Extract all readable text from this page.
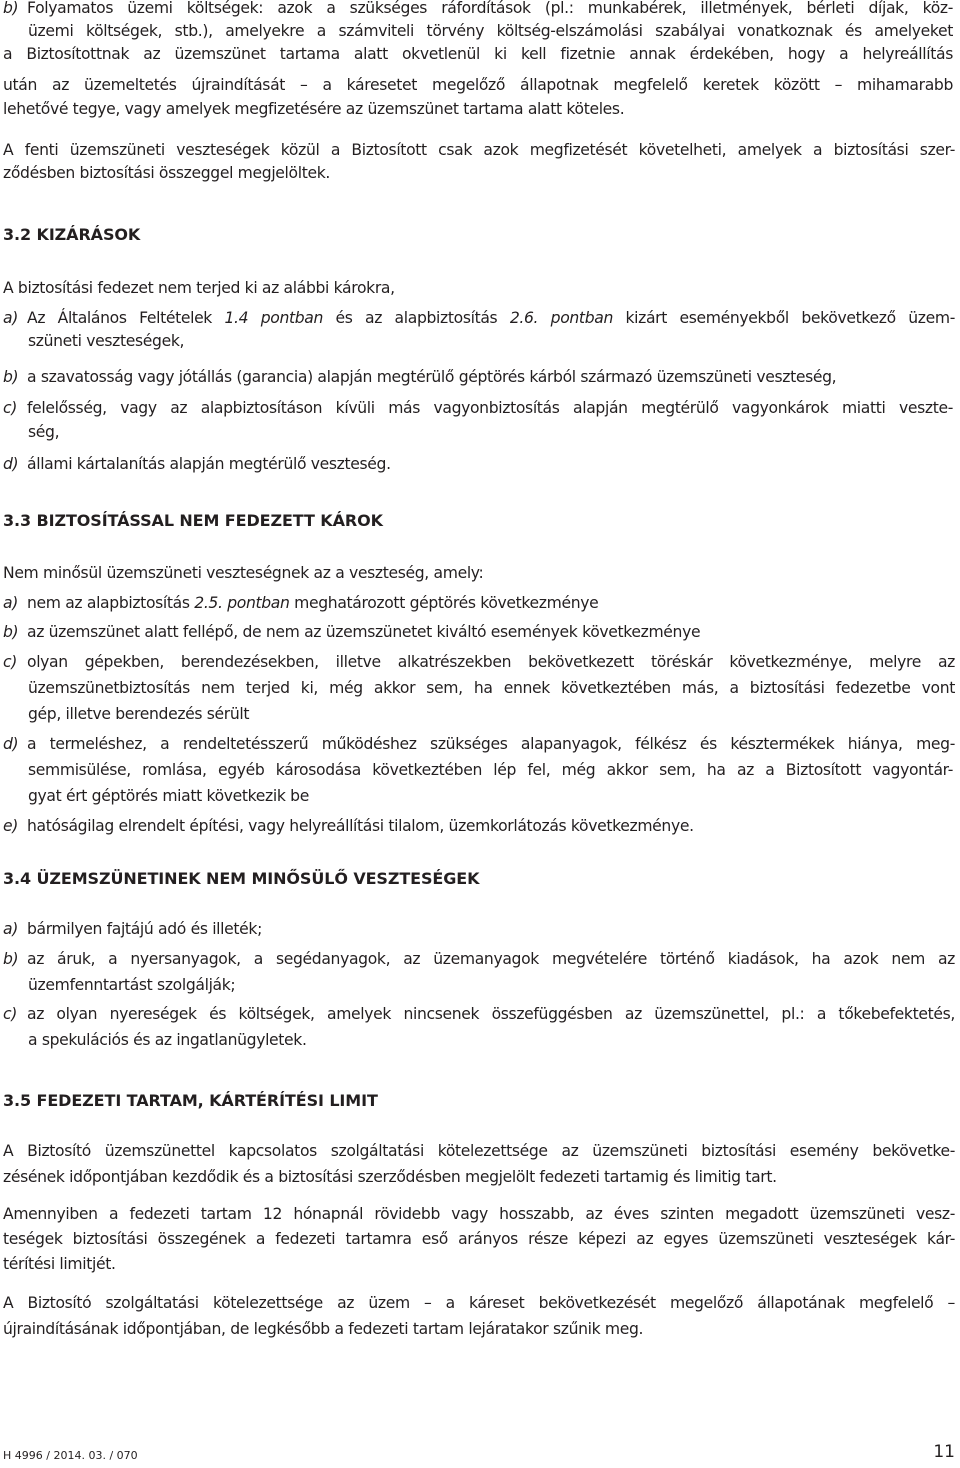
b) Folyamatos üzemi költségek: azok a szükséges ráfordítások (pl.: munkabérek, illetmények, bérleti díjak, köz-
üzemi költségek, stb.), amelyekre a számviteli törvény költség-elszámolási szabályai vonatkoznak és amelyeket
a Biztosítottnak az üzemszünet tartama alatt okvetlenül ki kell fizetnie annak érdekében, hogy a helyreállítás
után az üzemeltetés újraindítását – a káresetet megelőző állapotnak megfelelő keretek között – mihamarabb
lehetővé tegye, vagy amelyek megfizetésére az üzemszünet tartama alatt köteles.
A fenti üzemszüneti veszteségek közül a Biztosított csak azok megfizetését követelheti, amelyek a biztosítási szer-
ződésben biztosítási összeggel megjelöltek.
3.2 KIZÁRÁSOK
A biztosítási fedezet nem terjed ki az alábbi károkra,
a) Az Általános Feltételek 1.4 pontban és az alapbiztosítás 2.6. pontban kizárt eseményekből bekövetkező üzem-
szüneti veszteségek,
b) a szavatosság vagy jótállás (garancia) alapján megtérülő géptörés kárból származó üzemszüneti veszteség,
c) felelősség, vagy az alapbiztosításon kívüli más vagyonbiztosítás alapján megtérülő vagyonkárok miatti veszte-
ség,
d) állami kártalanítás alapján megtérülő veszteség.
3.3 BIZTOSÍTÁSSAL NEM FEDEZETT KÁROK
Nem minősül üzemszüneti veszteségnek az a veszteség, amely:
a) nem az alapbiztosítás 2.5. pontban meghatározott géptörés következménye
b) az üzemszünet alatt fellépő, de nem az üzemszünetet kiváltó események következménye
c) olyan gépekben, berendezésekben, illetve alkatrészekben bekövetkezett töréskár következménye, melyre az
üzemszünetbiztosítás nem terjed ki, még akkor sem, ha ennek következtében más, a biztosítási fedezetbe vont
gép, illetve berendezés sérült
d) a termeléshez, a rendeltetésszerű működéshez szükséges alapanyagok, félkész és késztermékek hiánya, meg-
semmisülése, romlása, egyéb károsodása következtében lép fel, még akkor sem, ha az a Biztosított vagyontár-
gyat ért géptörés miatt következik be
e) hatóságilag elrendelt építési, vagy helyreállítási tilalom, üzemkorlátozás következménye.
3.4 ÜZEMSZÜNETINEK NEM MINŐSÜLŐ VESZTESÉGEK
a) bármilyen fajtájú adó és illeték;
b) az áruk, a nyersanyagok, a segédanyagok, az üzemanyagok megvételére történő kiadások, ha azok nem az
üzemfenntartást szolgálják;
c) az olyan nyereségek és költségek, amelyek nincsenek összefüggésben az üzemszünettel, pl.: a tőkebefektetés,
a spekulációs és az ingatlanügyletek.
3.5 FEDEZETI TARTAM, KÁRTÉRÍTÉSI LIMIT
A Biztosító üzemszünettel kapcsolatos szolgáltatási kötelezettsége az üzemszüneti biztosítási esemény bekövetke-
zésének időpontjában kezdődik és a biztosítási szerződésben megjelölt fedezeti tartamig és limitig tart.
Amennyiben a fedezeti tartam 12 hónapnál rövidebb vagy hosszabb, az éves szinten megadott üzemszüneti vesz-
teségek biztosítási összegének a fedezeti tartamra eső arányos része képezi az egyes üzemszüneti veszteségek kár-
térítési limitjét.
A Biztosító szolgáltatási kötelezettsége az üzem – a káreset bekövetkezését megelőző állapotának megfelelő –
újraindításának időpontjában, de legkésőbb a fedezeti tartam lejáratakor szűnik meg.
H 4996 / 2014. 03. / 070	11
